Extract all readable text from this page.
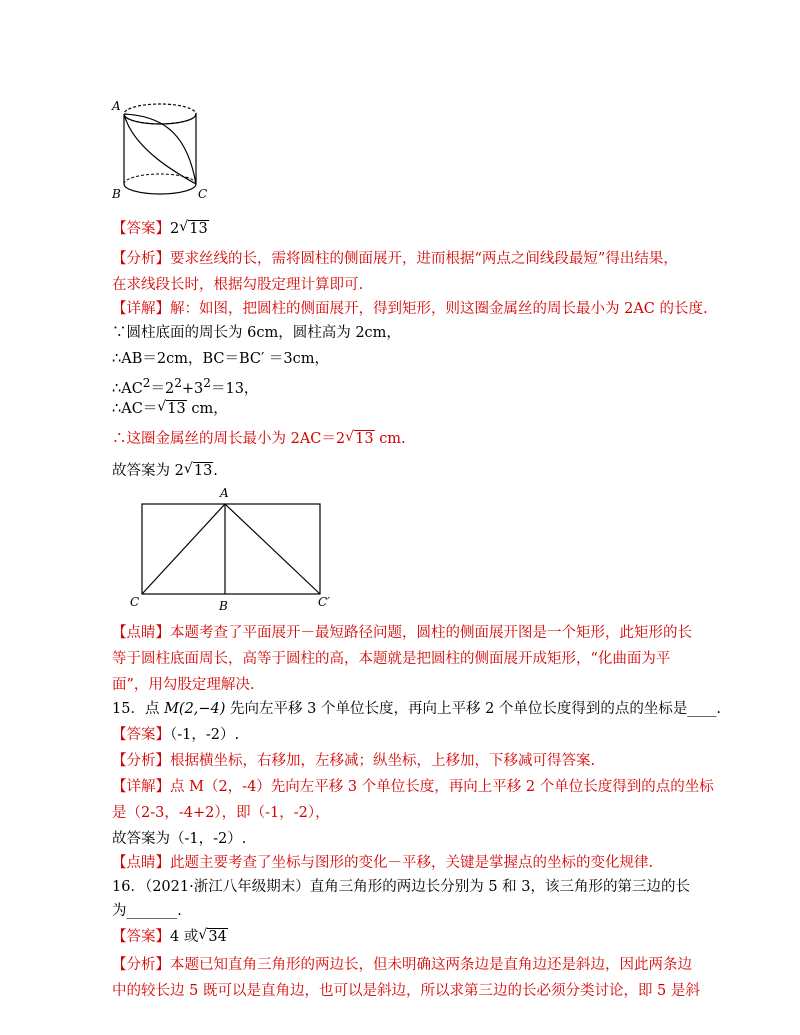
A
B	C
【答案】2 √ 13
【分析】要求丝线的长，需将圆柱的侧面展开，进而根据“两点之间线段最短”得出结果，
在求线段长时，根据勾股定理计算即可.
【详解】解：如图，把圆柱的侧面展开，得到矩形，则这圈金属丝的周长最小为 2AC 的长度.
∵圆柱底面的周长为 6cm，圆柱高为 2cm，
∴AB＝2cm，BC＝BC′ ＝3cm，
$\therefore AC^2=2^2+3^2=13$，
∴AC＝ √ 13 cm，
∴这圈金属丝的周长最小为 2AC＝2 √ 13 cm.
故答案为 2 √ 13.
A
C	B	C′
【点睛】本题考查了平面展开－最短路径问题，圆柱的侧面展开图是一个矩形，此矩形的长
等于圆柱底面周长，高等于圆柱的高，本题就是把圆柱的侧面展开成矩形，“化曲面为平
面”，用勾股定理解决.
15．点 M(2,−4) 先向左平移 3 个单位长度，再向上平移 2 个单位长度得到的点的坐标是____.
【答案】（-1，-2）.
【分析】根据横坐标，右移加，左移减；纵坐标，上移加，下移减可得答案.
【详解】点 M（2，-4）先向左平移 3 个单位长度，再向上平移 2 个单位长度得到的点的坐标
是（2-3，-4+2），即（-1，-2），
故答案为（-1，-2）.
【点睛】此题主要考查了坐标与图形的变化－平移，关键是掌握点的坐标的变化规律.
16．（2021·浙江八年级期末）直角三角形的两边长分别为 5 和 3，该三角形的第三边的长
为_______.
【答案】4 或 √ 34
【分析】本题已知直角三角形的两边长，但未明确这两条边是直角边还是斜边，因此两条边
中的较长边 5 既可以是直角边，也可以是斜边，所以求第三边的长必须分类讨论，即 5 是斜
